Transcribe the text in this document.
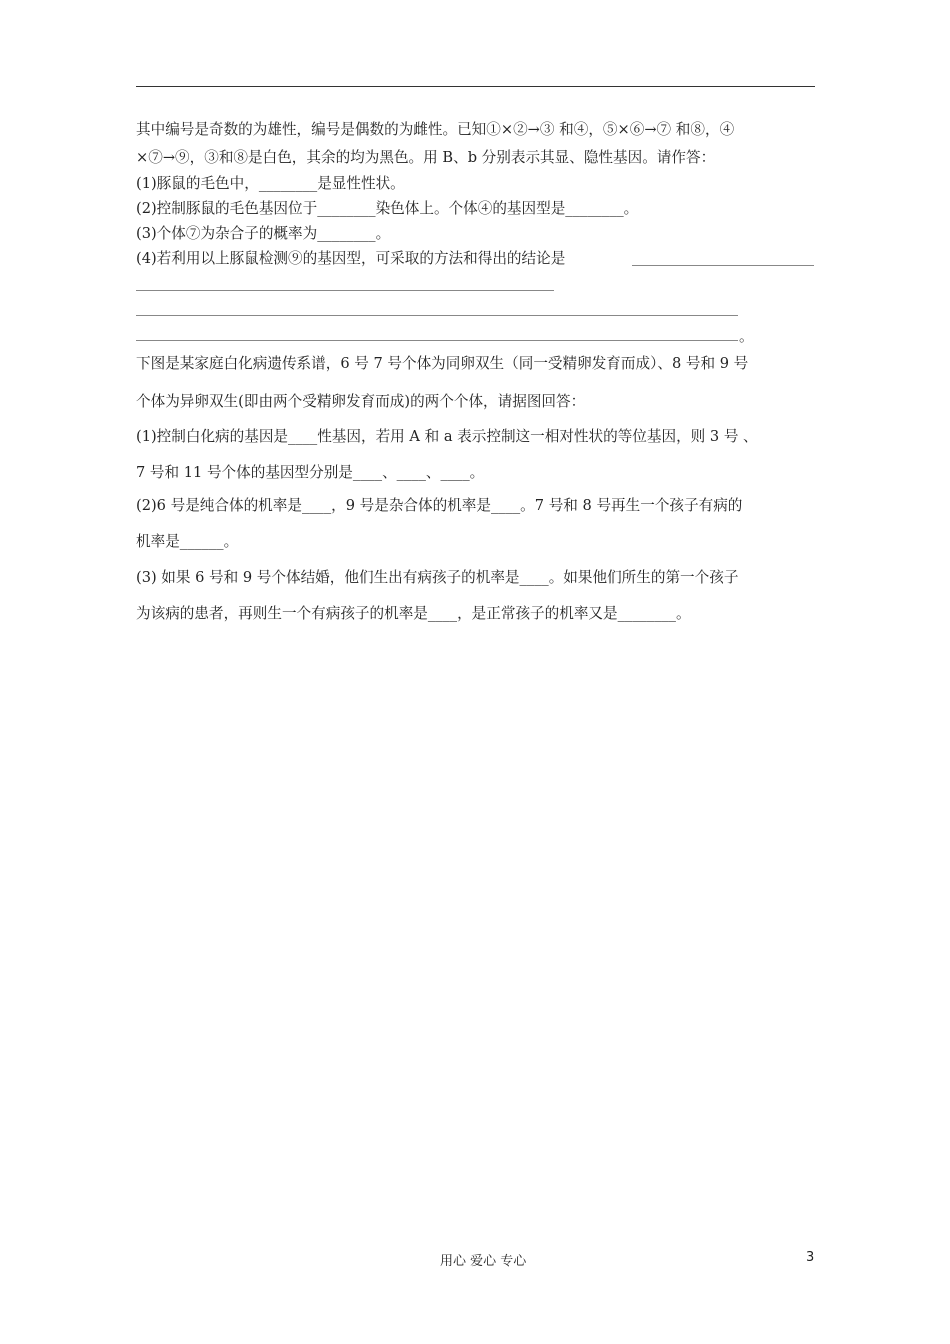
其中编号是奇数的为雄性，编号是偶数的为雌性。已知①×②→③ 和④，⑤×⑥→⑦ 和⑧，④
×⑦→⑨，③和⑧是白色，其余的均为黑色。用 B、b 分别表示其显、隐性基因。请作答：
(1)豚鼠的毛色中，________是显性性状。
(2)控制豚鼠的毛色基因位于________染色体上。个体④的基因型是________。
(3)个体⑦为杂合子的概率为________。
(4)若利用以上豚鼠检测⑨的基因型，可采取的方法和得出的结论是
。
下图是某家庭白化病遗传系谱，6 号 7 号个体为同卵双生（同一受精卵发育而成）、8 号和 9 号
个体为异卵双生(即由两个受精卵发育而成)的两个个体，请据图回答：
(1)控制白化病的基因是____性基因，若用 A 和 a 表示控制这一相对性状的等位基因，则 3 号 、
7 号和 11 号个体的基因型分别是____、____、____。
(2)6 号是纯合体的机率是____，9 号是杂合体的机率是____。7 号和 8 号再生一个孩子有病的
机率是______。
(3) 如果 6 号和 9 号个体结婚，他们生出有病孩子的机率是____。如果他们所生的第一个孩子
为该病的患者，再则生一个有病孩子的机率是____，是正常孩子的机率又是________。
用心 爱心 专心	3
